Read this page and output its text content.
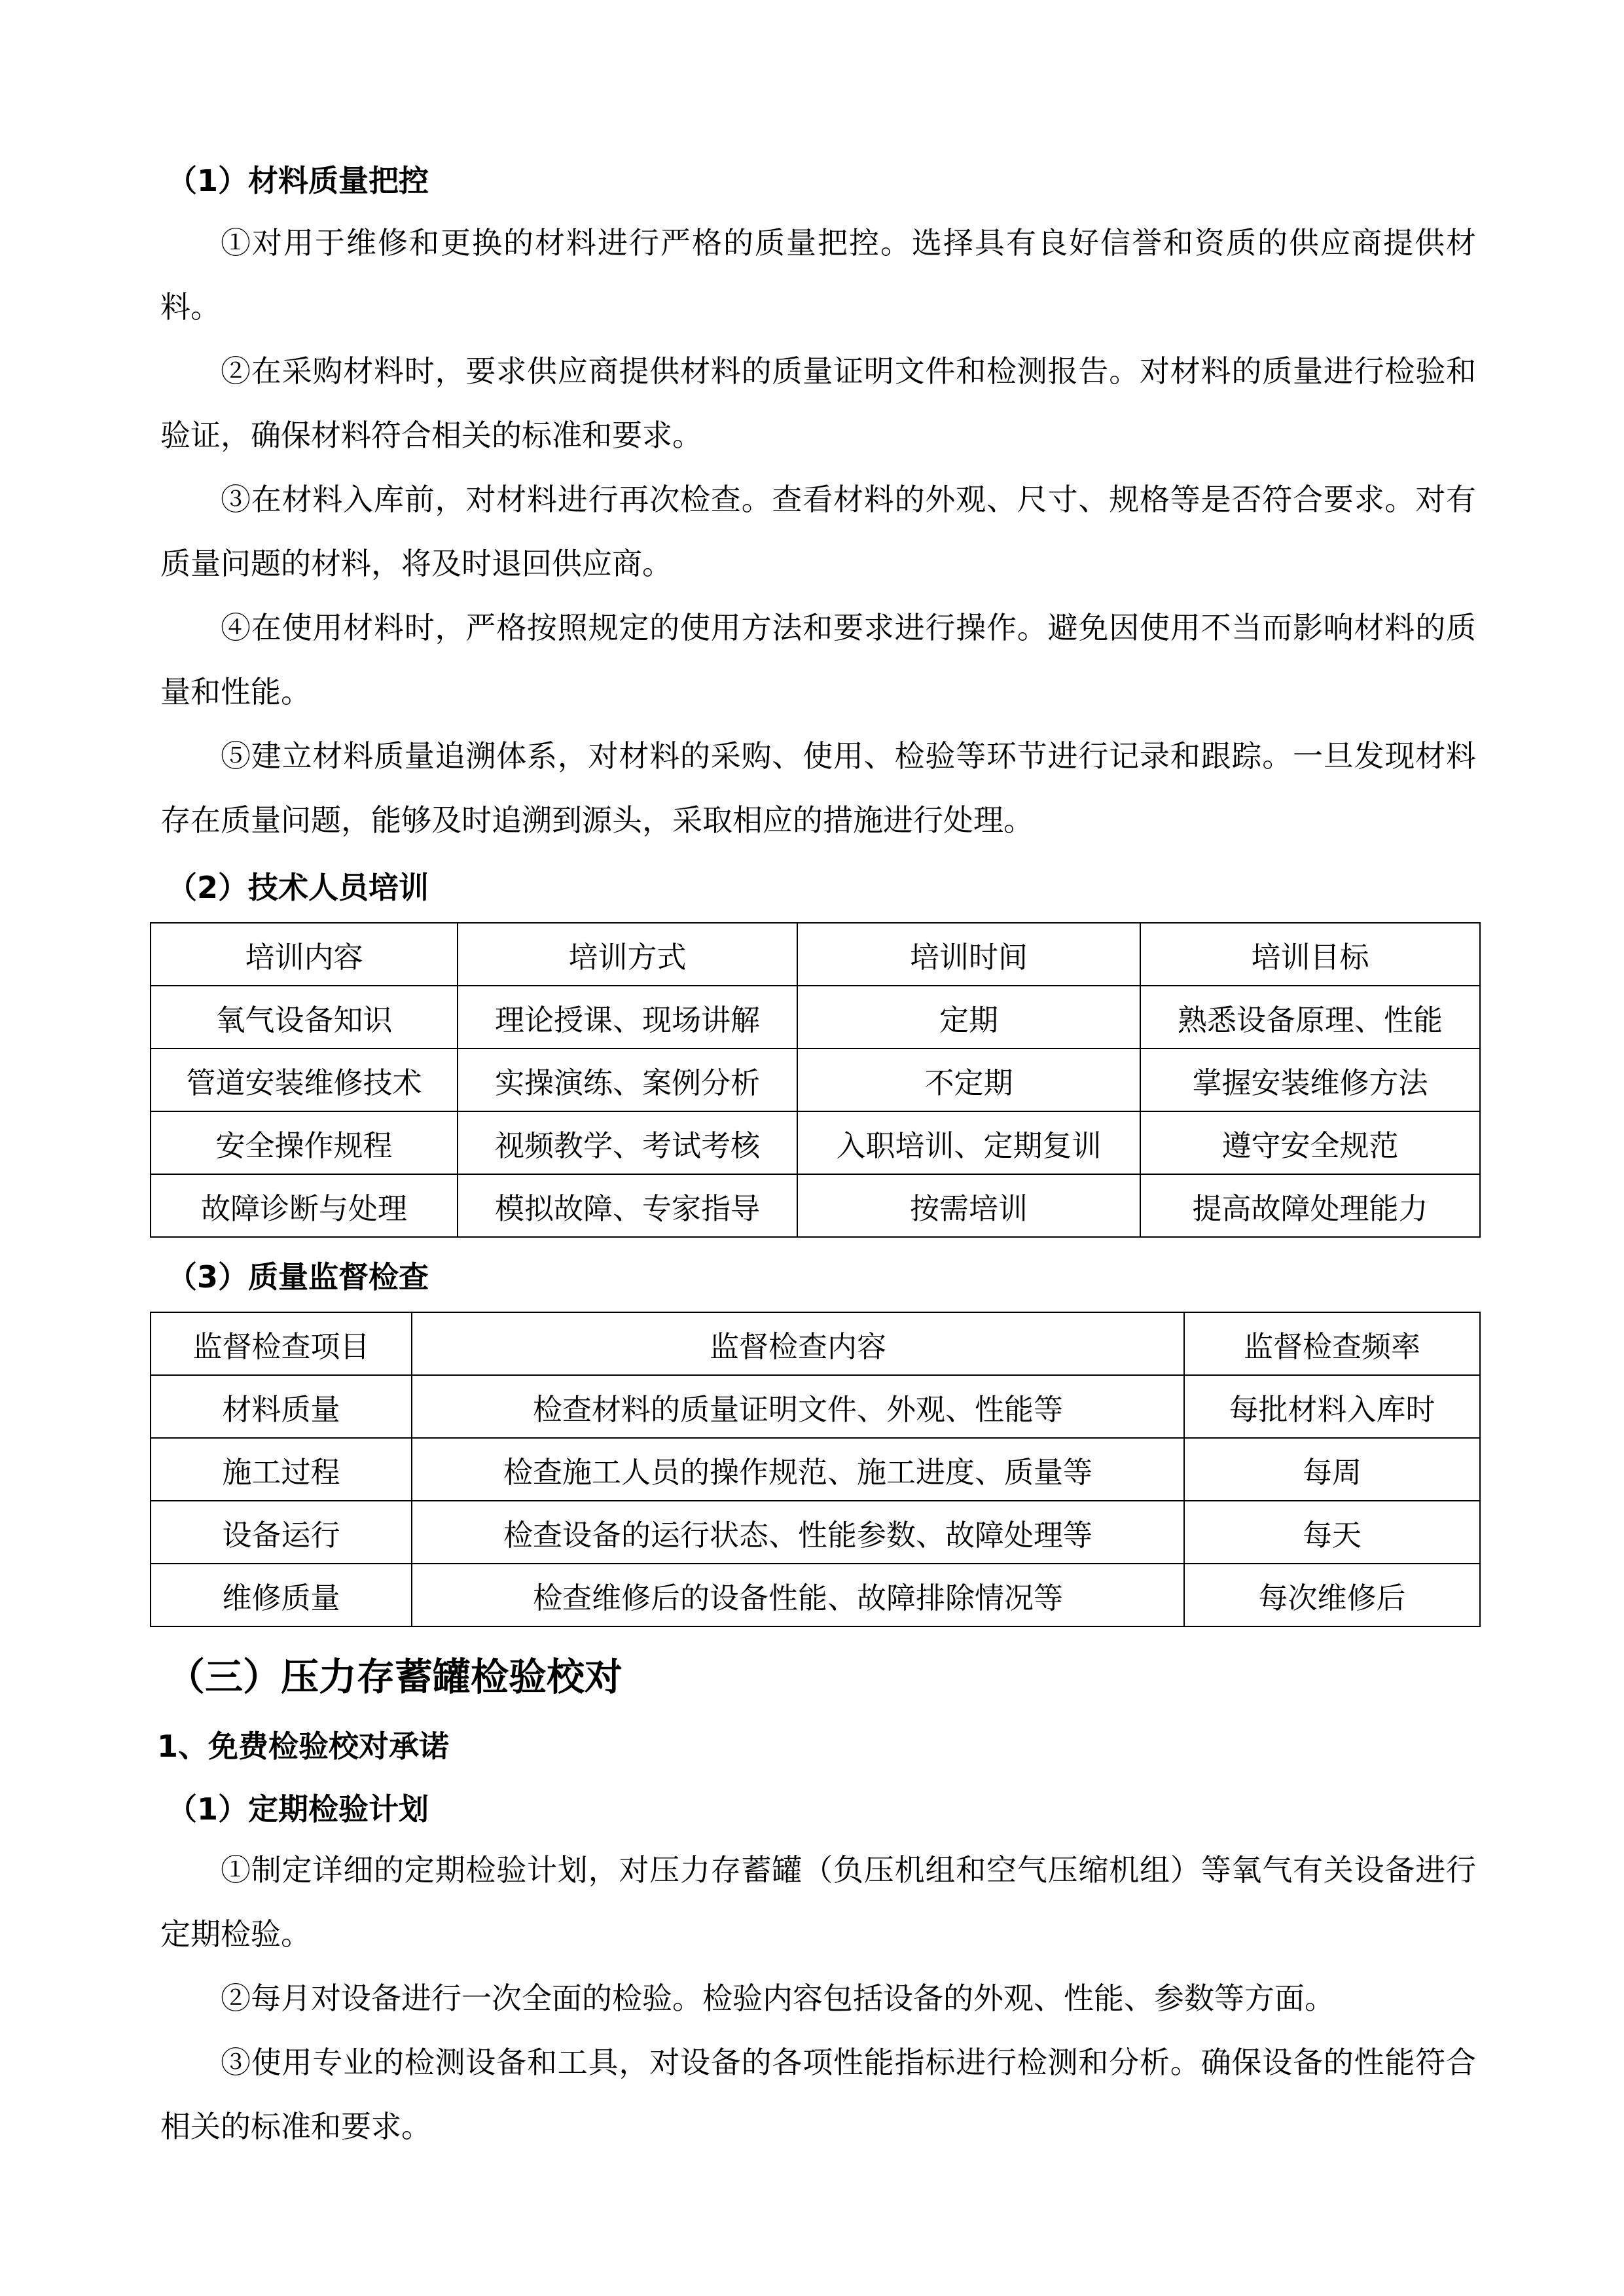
（1）材料质量把控
①对用于维修和更换的材料进行严格的质量把控。选择具有良好信誉和资质的供应商提供材料。
②在采购材料时，要求供应商提供材料的质量证明文件和检测报告。对材料的质量进行检验和验证，确保材料符合相关的标准和要求。
③在材料入库前，对材料进行再次检查。查看材料的外观、尺寸、规格等是否符合要求。对有质量问题的材料，将及时退回供应商。
④在使用材料时，严格按照规定的使用方法和要求进行操作。避免因使用不当而影响材料的质量和性能。
⑤建立材料质量追溯体系，对材料的采购、使用、检验等环节进行记录和跟踪。一旦发现材料存在质量问题，能够及时追溯到源头，采取相应的措施进行处理。
（2）技术人员培训
培训内容	培训方式	培训时间	培训目标
氧气设备知识	理论授课、现场讲解	定期	熟悉设备原理、性能
管道安装维修技术	实操演练、案例分析	不定期	掌握安装维修方法
安全操作规程	视频教学、考试考核	入职培训、定期复训	遵守安全规范
故障诊断与处理	模拟故障、专家指导	按需培训	提高故障处理能力
（3）质量监督检查
监督检查项目	监督检查内容	监督检查频率
材料质量	检查材料的质量证明文件、外观、性能等	每批材料入库时
施工过程	检查施工人员的操作规范、施工进度、质量等	每周
设备运行	检查设备的运行状态、性能参数、故障处理等	每天
维修质量	检查维修后的设备性能、故障排除情况等	每次维修后
（三）压力存蓄罐检验校对
1、免费检验校对承诺
（1）定期检验计划
①制定详细的定期检验计划，对压力存蓄罐（负压机组和空气压缩机组）等氧气有关设备进行定期检验。
②每月对设备进行一次全面的检验。检验内容包括设备的外观、性能、参数等方面。
③使用专业的检测设备和工具，对设备的各项性能指标进行检测和分析。确保设备的性能符合相关的标准和要求。
